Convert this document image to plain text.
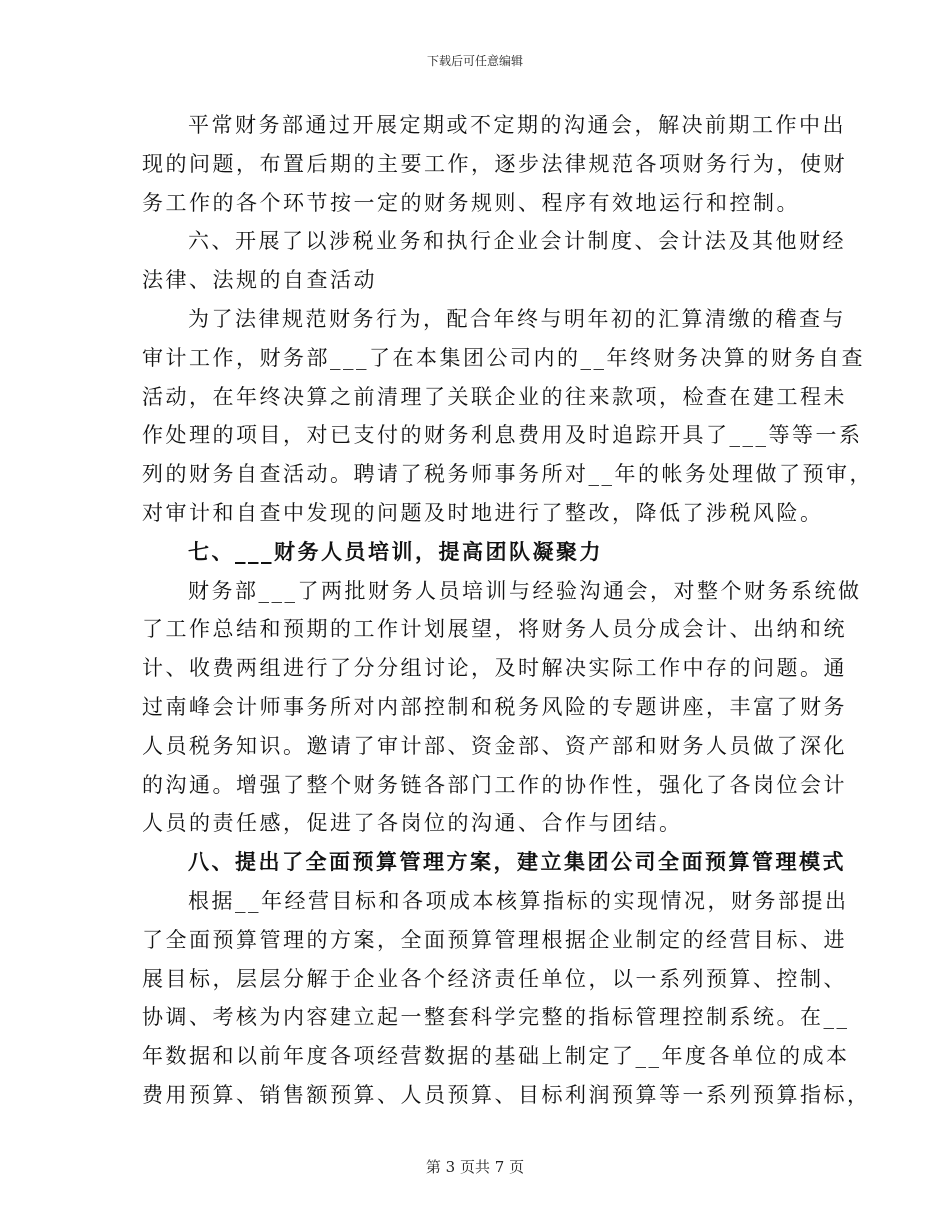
下载后可任意编辑
平常财务部通过开展定期或不定期的沟通会，解决前期工作中出
现的问题，布置后期的主要工作，逐步法律规范各项财务行为，使财
务工作的各个环节按一定的财务规则、程序有效地运行和控制。
六、开展了以涉税业务和执行企业会计制度、会计法及其他财经
法律、法规的自查活动
为了法律规范财务行为，配合年终与明年初的汇算清缴的稽查与
审计工作，财务部___了在本集团公司内的__年终财务决算的财务自查
活动，在年终决算之前清理了关联企业的往来款项，检查在建工程未
作处理的项目，对已支付的财务利息费用及时追踪开具了___等等一系
列的财务自查活动。聘请了税务师事务所对__年的帐务处理做了预审，
对审计和自查中发现的问题及时地进行了整改，降低了涉税风险。
七、___财务人员培训，提高团队凝聚力
财务部___了两批财务人员培训与经验沟通会，对整个财务系统做
了工作总结和预期的工作计划展望，将财务人员分成会计、出纳和统
计、收费两组进行了分分组讨论，及时解决实际工作中存的问题。通
过南峰会计师事务所对内部控制和税务风险的专题讲座，丰富了财务
人员税务知识。邀请了审计部、资金部、资产部和财务人员做了深化
的沟通。增强了整个财务链各部门工作的协作性，强化了各岗位会计
人员的责任感，促进了各岗位的沟通、合作与团结。
八、提出了全面预算管理方案，建立集团公司全面预算管理模式
根据__年经营目标和各项成本核算指标的实现情况，财务部提出
了全面预算管理的方案，全面预算管理根据企业制定的经营目标、进
展目标，层层分解于企业各个经济责任单位，以一系列预算、控制、
协调、考核为内容建立起一整套科学完整的指标管理控制系统。在__
年数据和以前年度各项经营数据的基础上制定了__年度各单位的成本
费用预算、销售额预算、人员预算、目标利润预算等一系列预算指标，
第 3 页共 7 页
